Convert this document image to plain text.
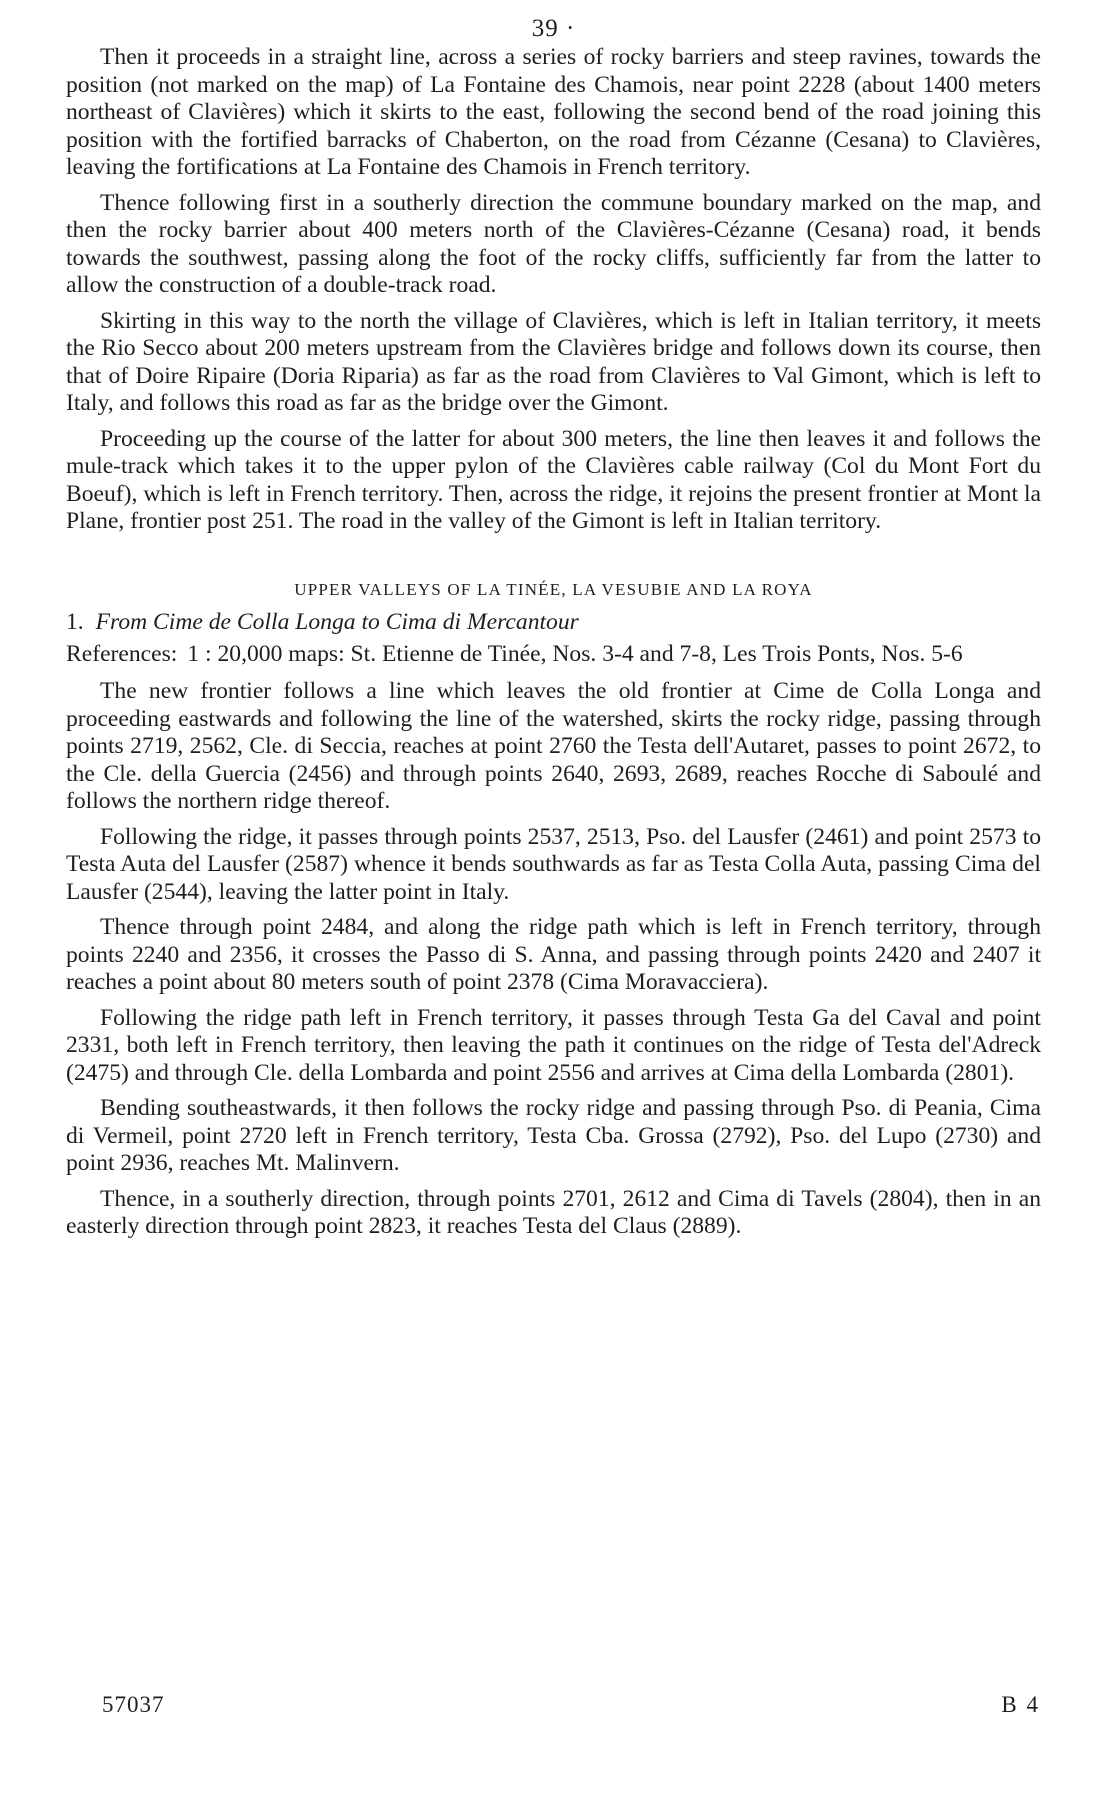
39 ·

Then it proceeds in a straight line, across a series of rocky barriers and steep ravines, towards the position (not marked on the map) of La Fontaine des Chamois, near point 2228 (about 1400 meters northeast of Clavières) which it skirts to the east, following the second bend of the road joining this position with the fortified barracks of Chaberton, on the road from Cézanne (Cesana) to Clavières, leaving the fortifications at La Fontaine des Chamois in French territory.

Thence following first in a southerly direction the commune boundary marked on the map, and then the rocky barrier about 400 meters north of the Clavières-Cézanne (Cesana) road, it bends towards the southwest, passing along the foot of the rocky cliffs, sufficiently far from the latter to allow the construction of a double-track road.

Skirting in this way to the north the village of Clavières, which is left in Italian territory, it meets the Rio Secco about 200 meters upstream from the Clavières bridge and follows down its course, then that of Doire Ripaire (Doria Riparia) as far as the road from Clavières to Val Gimont, which is left to Italy, and follows this road as far as the bridge over the Gimont.

Proceeding up the course of the latter for about 300 meters, the line then leaves it and follows the mule-track which takes it to the upper pylon of the Clavières cable railway (Col du Mont Fort du Boeuf), which is left in French territory. Then, across the ridge, it rejoins the present frontier at Mont la Plane, frontier post 251. The road in the valley of the Gimont is left in Italian territory.

UPPER VALLEYS OF LA TINÉE, LA VESUBIE AND LA ROYA
1. From Cime de Colla Longa to Cima di Mercantour
References: 1 : 20,000 maps: St. Etienne de Tinée, Nos. 3-4 and 7-8, Les Trois Ponts, Nos. 5-6

The new frontier follows a line which leaves the old frontier at Cime de Colla Longa and proceeding eastwards and following the line of the watershed, skirts the rocky ridge, passing through points 2719, 2562, Cle. di Seccia, reaches at point 2760 the Testa dell'Autaret, passes to point 2672, to the Cle. della Guercia (2456) and through points 2640, 2693, 2689, reaches Rocche di Saboulé and follows the northern ridge thereof.

Following the ridge, it passes through points 2537, 2513, Pso. del Lausfer (2461) and point 2573 to Testa Auta del Lausfer (2587) whence it bends southwards as far as Testa Colla Auta, passing Cima del Lausfer (2544), leaving the latter point in Italy.

Thence through point 2484, and along the ridge path which is left in French territory, through points 2240 and 2356, it crosses the Passo di S. Anna, and passing through points 2420 and 2407 it reaches a point about 80 meters south of point 2378 (Cima Moravacciera).

Following the ridge path left in French territory, it passes through Testa Ga del Caval and point 2331, both left in French territory, then leaving the path it continues on the ridge of Testa del'Adreck (2475) and through Cle. della Lombarda and point 2556 and arrives at Cima della Lombarda (2801).

Bending southeastwards, it then follows the rocky ridge and passing through Pso. di Peania, Cima di Vermeil, point 2720 left in French territory, Testa Cba. Grossa (2792), Pso. del Lupo (2730) and point 2936, reaches Mt. Malinvern.

Thence, in a southerly direction, through points 2701, 2612 and Cima di Tavels (2804), then in an easterly direction through point 2823, it reaches Testa del Claus (2889).

57037	B 4
